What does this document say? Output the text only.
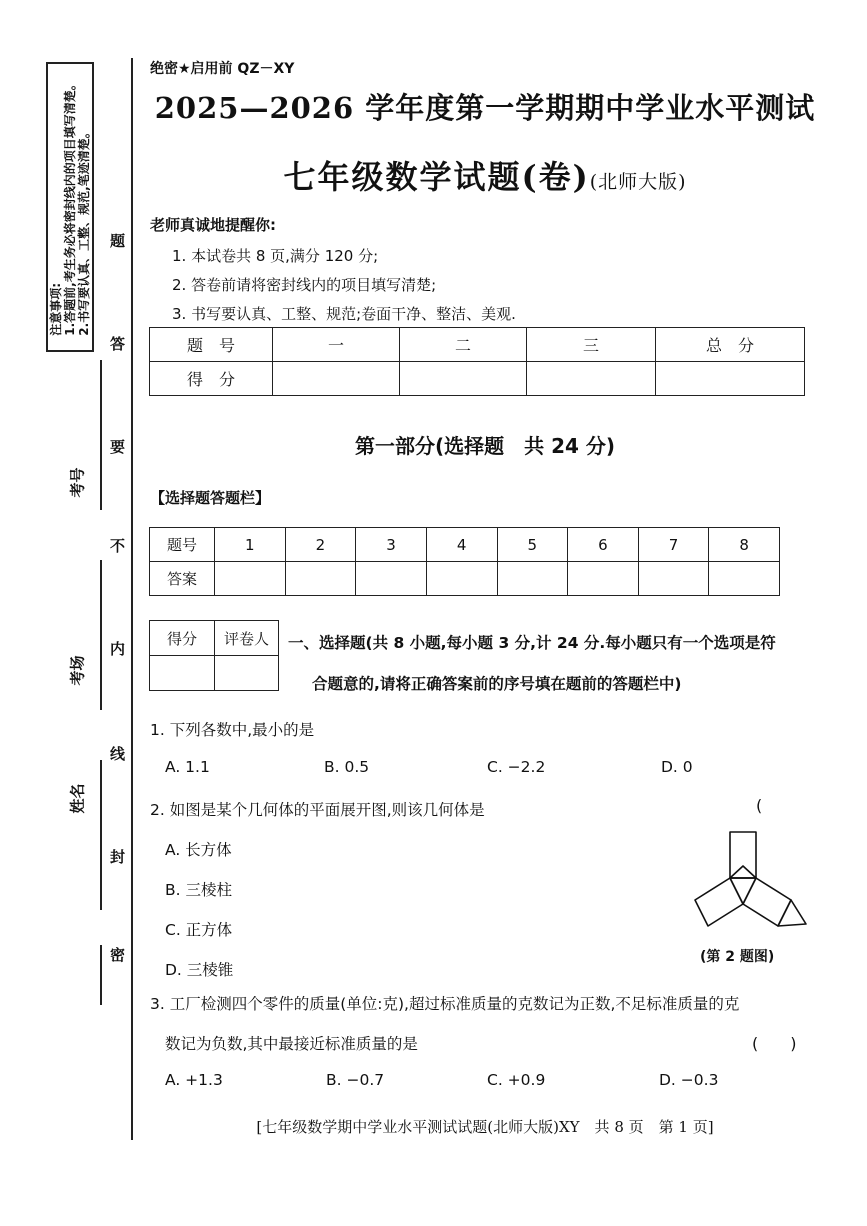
注意事项: 1.答题前,考生务必将密封线内的项目填写清楚。 2.书写要认真、工整、规范,笔迹清楚。 题
答
要
不
内
线
封
密
考号
考场
姓名
绝密★启用前 QZ－XY
2025—2026 学年度第一学期期中学业水平测试
七年级数学试题(卷)(北师大版)
老师真诚地提醒你:
1. 本试卷共 8 页,满分 120 分;
2. 答卷前请将密封线内的项目填写清楚;
3. 书写要认真、工整、规范;卷面干净、整洁、美观.
题　号	一	二	三	总　分
得　分				
第一部分(选择题　共 24 分)
【选择题答题栏】
题号	1	2	3	4	5	6	7	8
答案								
得分	评卷人
	一、选择题(共 8 小题,每小题 3 分,计 24 分.每小题只有一个选项是符
合题意的,请将正确答案前的序号填在题前的答题栏中)
1. 下列各数中,最小的是
A. 1.1	B. 0.5	C. −2.2	D. 0
2. 如图是某个几何体的平面展开图,则该几何体是	(
A. 长方体
B. 三棱柱
C. 正方体
D. 三棱锥
(第 2 题图)
3. 工厂检测四个零件的质量(单位:克),超过标准质量的克数记为正数,不足标准质量的克
数记为负数,其中最接近标准质量的是	(　　)
A. +1.3	B. −0.7	C. +0.9	D. −0.3
[七年级数学期中学业水平测试试题(北师大版)XY　共 8 页　第 1 页]
